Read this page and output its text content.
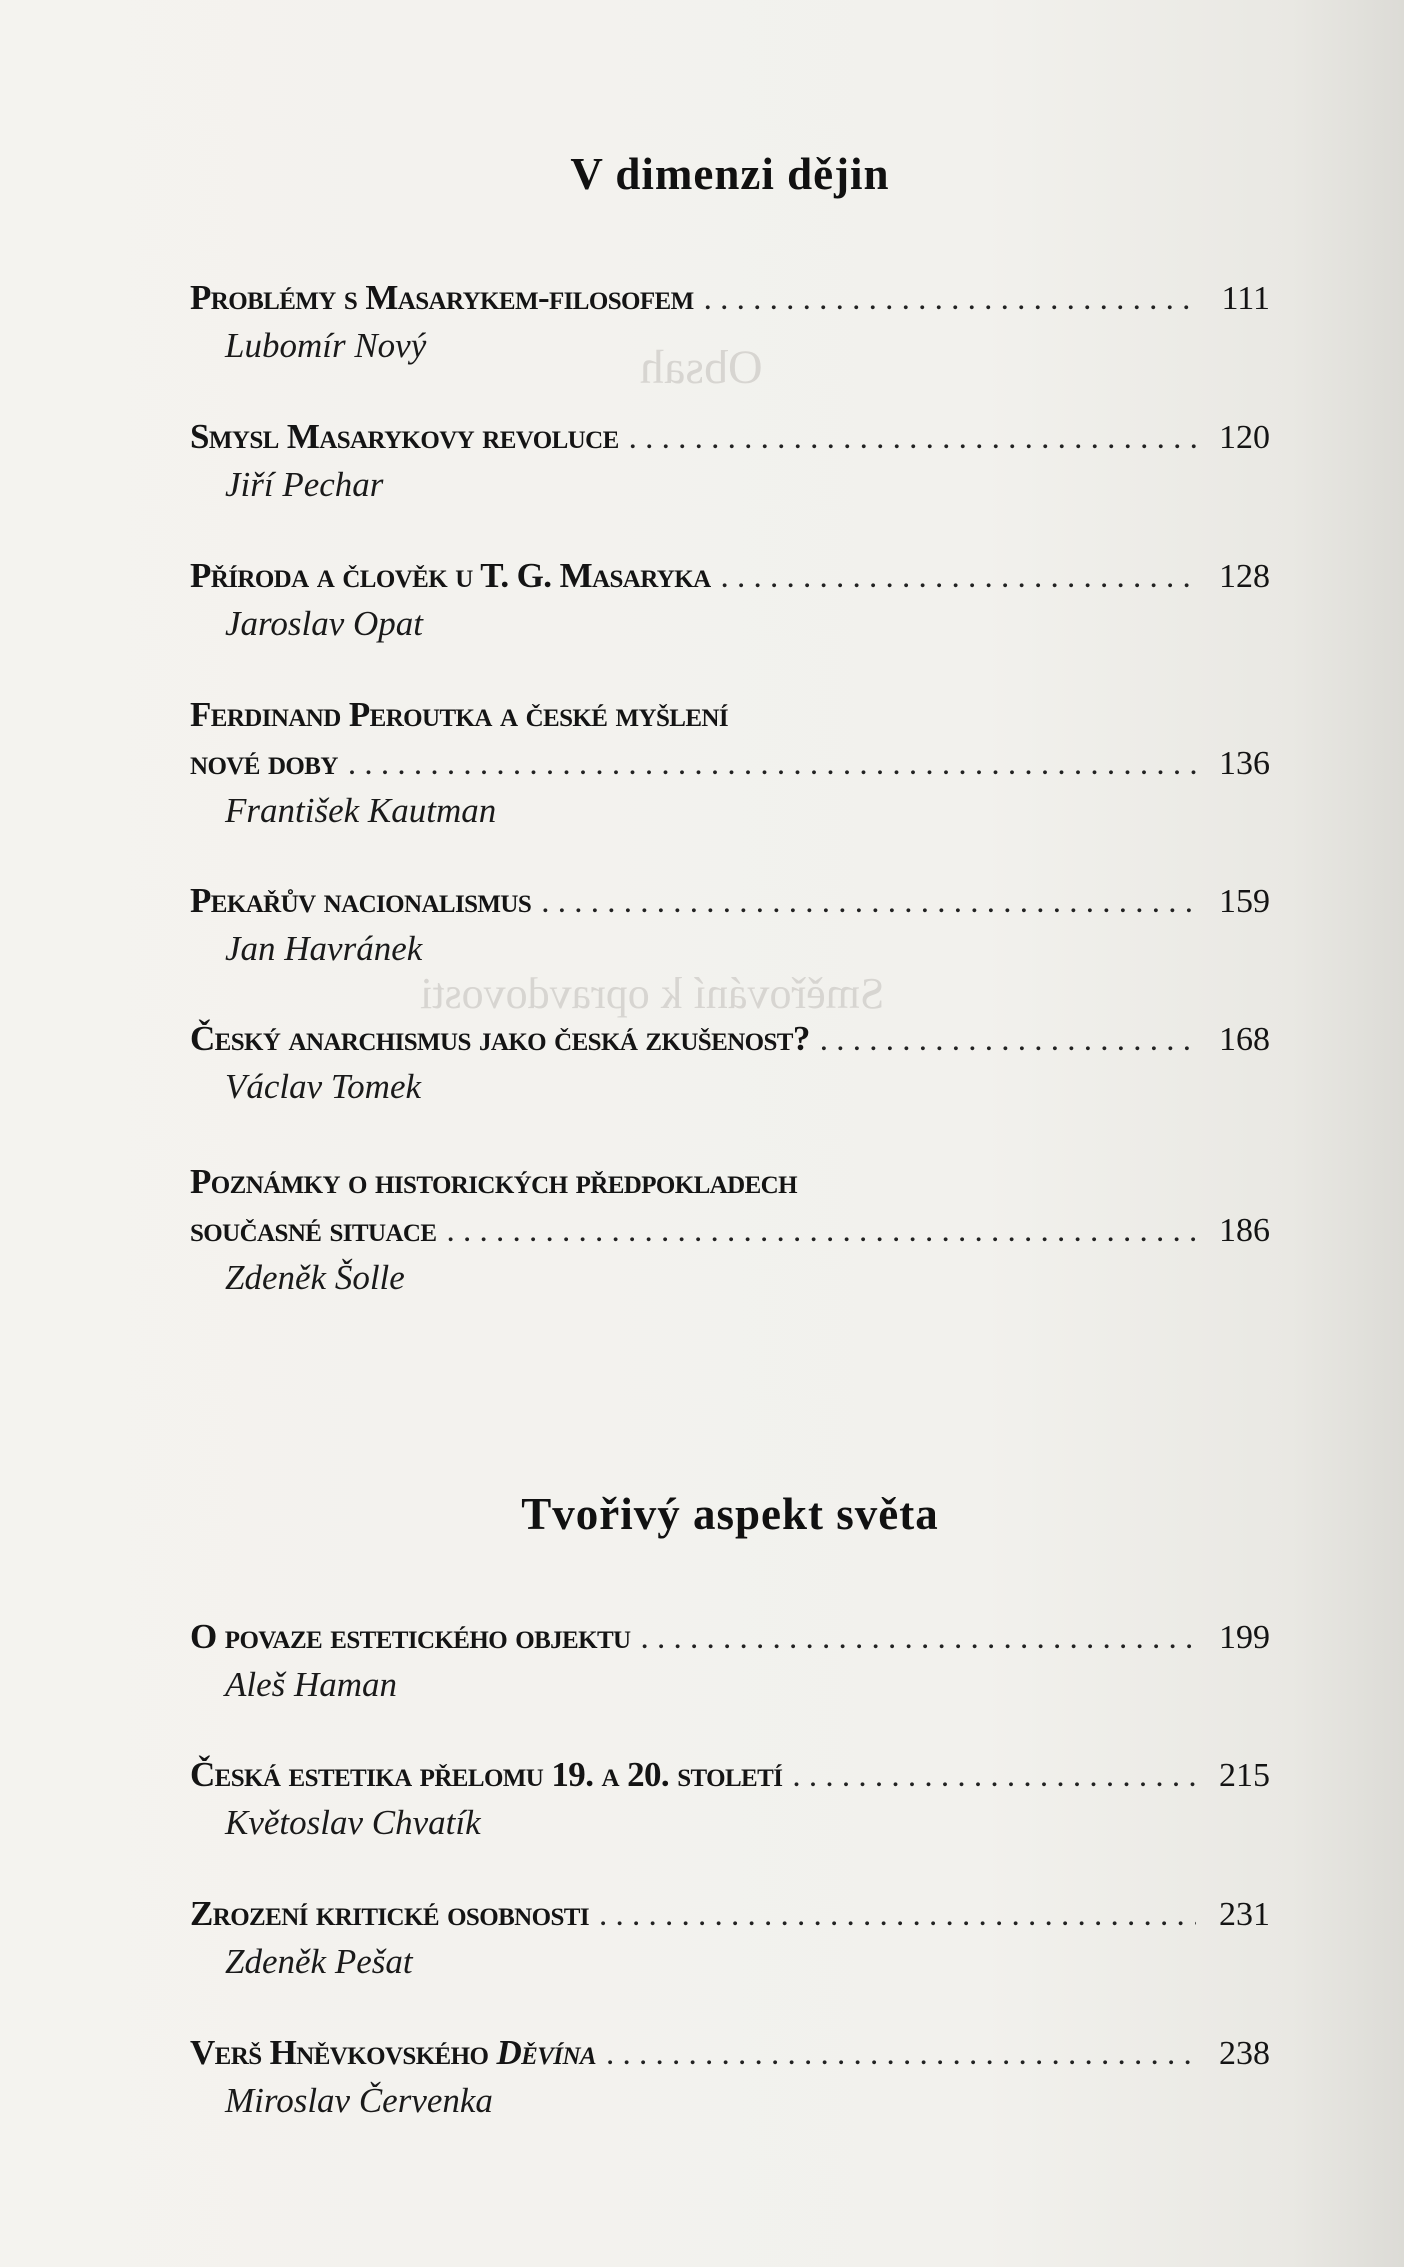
Obsah
Směřování k opravdovosti
V dimenzi dějin
Problémy s Masarykem-filosofem . . .	111
Lubomír Nový
Smysl Masarykovy revoluce . . .	120
Jiří Pechar
Příroda a člověk u T. G. Masaryka . . .	128
Jaroslav Opat
Ferdinand Peroutka a české myšlení
nové doby . . .	136
František Kautman
Pekařův nacionalismus . . .	159
Jan Havránek
Český anarchismus jako česká zkušenost? . . .	168
Václav Tomek
Poznámky o historických předpokladech
současné situace . . .	186
Zdeněk Šolle
Tvořivý aspekt světa
O povaze estetického objektu . . .	199
Aleš Haman
Česká estetika přelomu 19. a 20. století . . .	215
Květoslav Chvatík
Zrození kritické osobnosti . . .	231
Zdeněk Pešat
Verš Hněvkovského Děvína . . .	238
Miroslav Červenka
